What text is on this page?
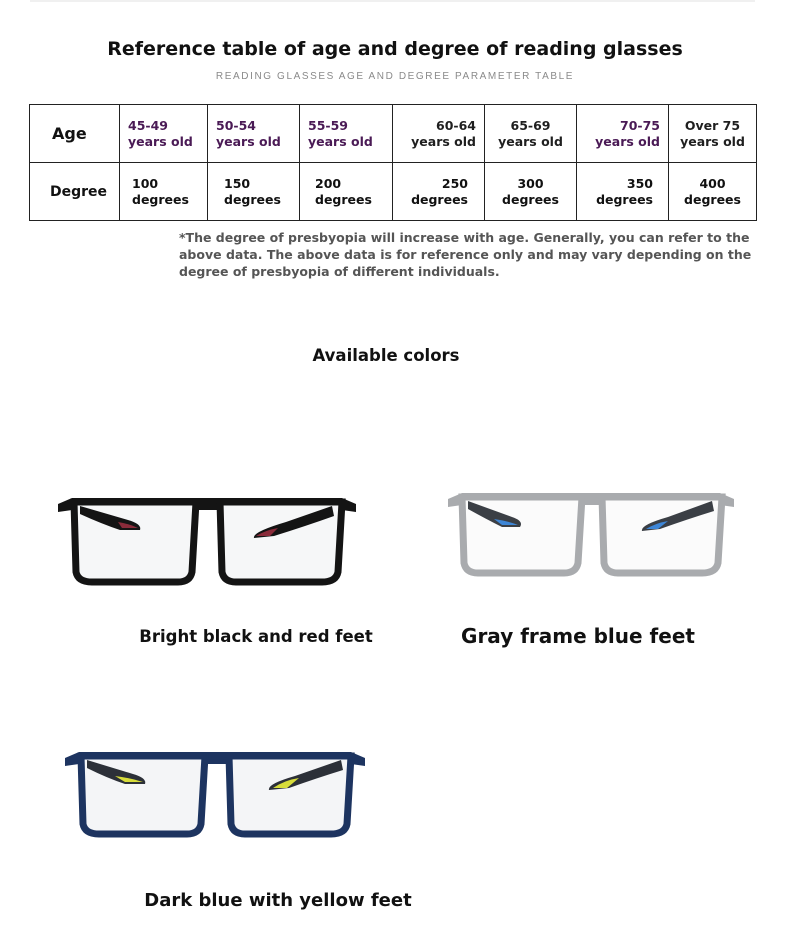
Reference table of age and degree of reading glasses
READING GLASSES AGE AND DEGREE PARAMETER TABLE
Age	45-49 years old	50-54 years old	55-59 years old	60-64 years old	65-69 years old	70-75 years old	Over 75 years old
Degree	100 degrees	150 degrees	200 degrees	250 degrees	300 degrees	350 degrees	400 degrees
*The degree of presbyopia will increase with age. Generally, you can refer to the above data. The above data is for reference only and may vary depending on the degree of presbyopia of different individuals.
Available colors
Bright black and red feet	Gray frame blue feet
Dark blue with yellow feet
